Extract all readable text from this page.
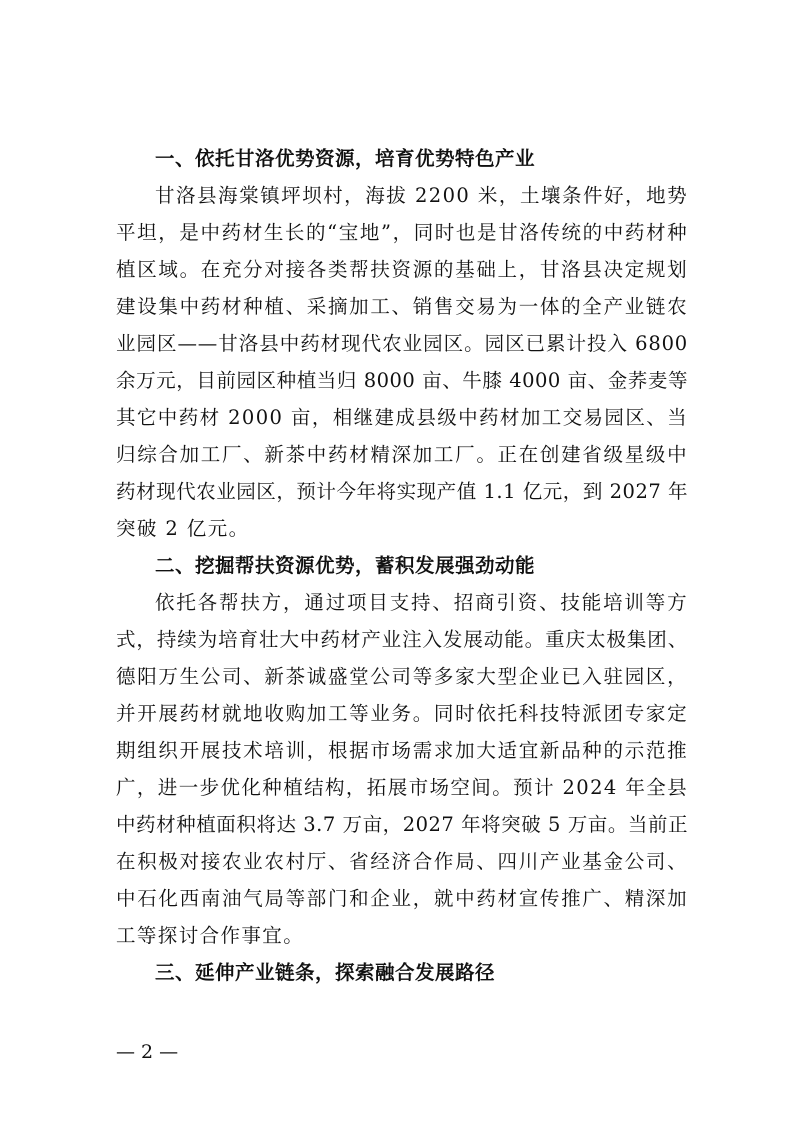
一、依托甘洛优势资源，培育优势特色产业
甘洛县海棠镇坪坝村，海拔 2200 米，土壤条件好，地势
平坦，是中药材生长的“宝地”，同时也是甘洛传统的中药材种
植区域。在充分对接各类帮扶资源的基础上，甘洛县决定规划
建设集中药材种植、采摘加工、销售交易为一体的全产业链农
业园区——甘洛县中药材现代农业园区。园区已累计投入 6800
余万元，目前园区种植当归 8000 亩、牛膝 4000 亩、金荞麦等
其它中药材 2000 亩，相继建成县级中药材加工交易园区、当
归综合加工厂、新茶中药材精深加工厂。正在创建省级星级中
药材现代农业园区，预计今年将实现产值 1.1 亿元，到 2027 年
突破 2 亿元。
二、挖掘帮扶资源优势，蓄积发展强劲动能
依托各帮扶方，通过项目支持、招商引资、技能培训等方
式，持续为培育壮大中药材产业注入发展动能。重庆太极集团、
德阳万生公司、新茶诚盛堂公司等多家大型企业已入驻园区，
并开展药材就地收购加工等业务。同时依托科技特派团专家定
期组织开展技术培训，根据市场需求加大适宜新品种的示范推
广，进一步优化种植结构，拓展市场空间。预计 2024 年全县
中药材种植面积将达 3.7 万亩，2027 年将突破 5 万亩。当前正
在积极对接农业农村厅、省经济合作局、四川产业基金公司、
中石化西南油气局等部门和企业，就中药材宣传推广、精深加
工等探讨合作事宜。
三、延伸产业链条，探索融合发展路径
— 2 —
